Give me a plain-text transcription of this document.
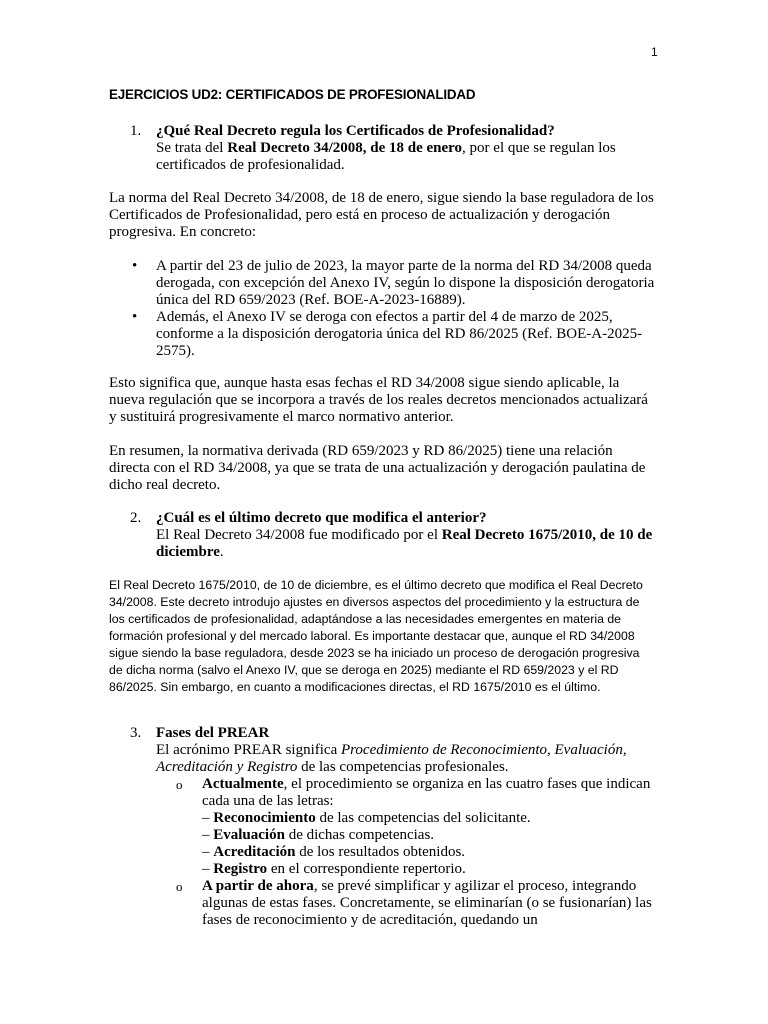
1
EJERCICIOS UD2: CERTIFICADOS DE PROFESIONALIDAD
1. ¿Qué Real Decreto regula los Certificados de Profesionalidad?
Se trata del Real Decreto 34/2008, de 18 de enero, por el que se regulan los certificados de profesionalidad.
La norma del Real Decreto 34/2008, de 18 de enero, sigue siendo la base reguladora de los Certificados de Profesionalidad, pero está en proceso de actualización y derogación progresiva. En concreto:
• A partir del 23 de julio de 2023, la mayor parte de la norma del RD 34/2008 queda derogada, con excepción del Anexo IV, según lo dispone la disposición derogatoria única del RD 659/2023 (Ref. BOE-A-2023-16889).
• Además, el Anexo IV se deroga con efectos a partir del 4 de marzo de 2025, conforme a la disposición derogatoria única del RD 86/2025 (Ref. BOE-A-2025-2575).
Esto significa que, aunque hasta esas fechas el RD 34/2008 sigue siendo aplicable, la nueva regulación que se incorpora a través de los reales decretos mencionados actualizará y sustituirá progresivamente el marco normativo anterior.
En resumen, la normativa derivada (RD 659/2023 y RD 86/2025) tiene una relación directa con el RD 34/2008, ya que se trata de una actualización y derogación paulatina de dicho real decreto.
2. ¿Cuál es el último decreto que modifica el anterior?
El Real Decreto 34/2008 fue modificado por el Real Decreto 1675/2010, de 10 de diciembre.
El Real Decreto 1675/2010, de 10 de diciembre, es el último decreto que modifica el Real Decreto 34/2008. Este decreto introdujo ajustes en diversos aspectos del procedimiento y la estructura de los certificados de profesionalidad, adaptándose a las necesidades emergentes en materia de formación profesional y del mercado laboral. Es importante destacar que, aunque el RD 34/2008 sigue siendo la base reguladora, desde 2023 se ha iniciado un proceso de derogación progresiva de dicha norma (salvo el Anexo IV, que se deroga en 2025) mediante el RD 659/2023 y el RD 86/2025. Sin embargo, en cuanto a modificaciones directas, el RD 1675/2010 es el último.
3. Fases del PREAR
El acrónimo PREAR significa Procedimiento de Reconocimiento, Evaluación, Acreditación y Registro de las competencias profesionales.
o Actualmente, el procedimiento se organiza en las cuatro fases que indican cada una de las letras:
– Reconocimiento de las competencias del solicitante.
– Evaluación de dichas competencias.
– Acreditación de los resultados obtenidos.
– Registro en el correspondiente repertorio.
o A partir de ahora, se prevé simplificar y agilizar el proceso, integrando algunas de estas fases. Concretamente, se eliminarían (o se fusionarían) las fases de reconocimiento y de acreditación, quedando un
